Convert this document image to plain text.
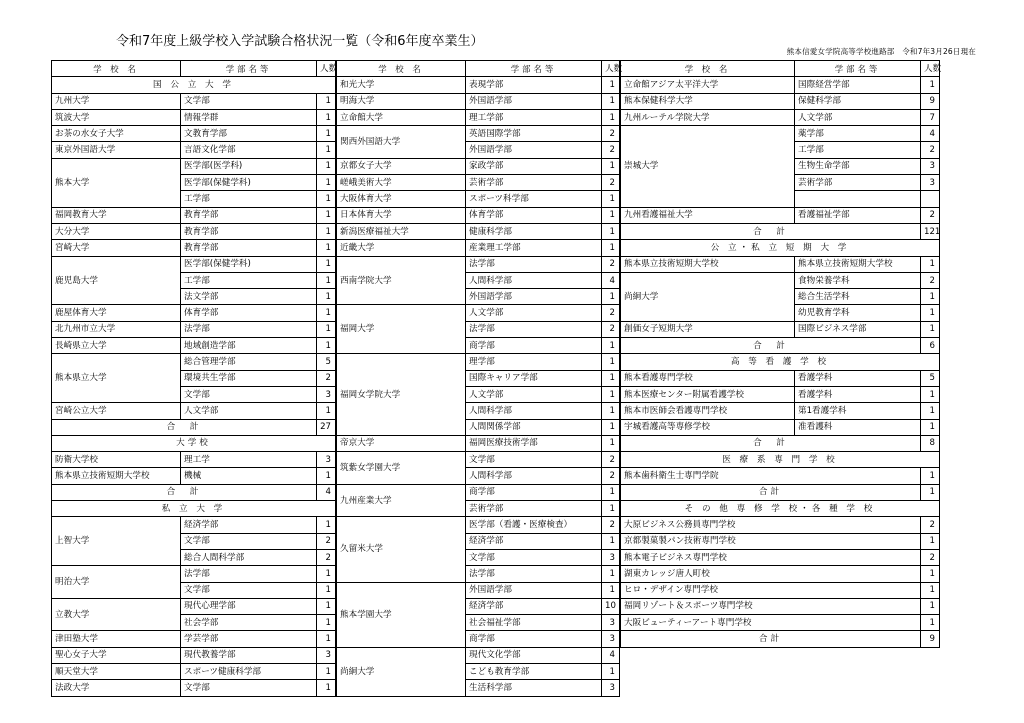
令和7年度上級学校入学試験合格状況一覧（令和6年度卒業生）
熊本信愛女学院高等学校進路部　令和7年3月26日現在
学 校 名	学部名等	人数
国 公 立 大 学		
九州大学	文学部	1
筑波大学	情報学群	1
お茶の水女子大学	文教育学部	1
東京外国語大学	言語文化学部	1
熊本大学	医学部(医学科)	1
	医学部(保健学科)	1
	工学部	1
福岡教育大学	教育学部	1
大分大学	教育学部	1
宮崎大学	教育学部	1
鹿児島大学	医学部(保健学科)	1
	工学部	1
	法文学部	1
鹿屋体育大学	体育学部	1
北九州市立大学	法学部	1
長崎県立大学	地域創造学部	1
熊本県立大学	総合管理学部	5
	環境共生学部	2
	文学部	3
宮崎公立大学	人文学部	1
合　計		27
大学校		
防衛大学校	理工学	3
熊本県立技術短期大学校	機械	1
合　計		4
私 立 大 学		
上智大学	経済学部	1
	文学部	2
	総合人間科学部	2
明治大学	法学部	1
	文学部	1
立教大学	現代心理学部	1
	社会学部	1
津田塾大学	学芸学部	1
聖心女子大学	現代教養学部	3
順天堂大学	スポーツ健康科学部	1
法政大学	文学部	1
学 校 名	学部名等	人数
和光大学	表現学部	1
明海大学	外国語学部	1
立命館大学	理工学部	1
関西外国語大学	英語国際学部	2
	外国語学部	2
京都女子大学	家政学部	1
嵯峨美術大学	芸術学部	2
大阪体育大学	スポーツ科学部	1
日本体育大学	体育学部	1
新潟医療福祉大学	健康科学部	1
近畿大学	産業理工学部	1
西南学院大学	法学部	2
	人間科学部	4
	外国語学部	1
福岡大学	人文学部	2
	法学部	2
	商学部	1
福岡女学院大学	理学部	1
	国際キャリア学部	1
	人文学部	1
	人間科学部	1
	人間関係学部	1
帝京大学	福岡医療技術学部	1
筑紫女学園大学	文学部	2
	人間科学部	2
九州産業大学	商学部	1
	芸術学部	1
久留米大学	医学部（看護・医療検査）	2
	経済学部	1
	文学部	3
	法学部	1
熊本学園大学	外国語学部	1
	経済学部	10
	社会福祉学部	3
	商学部	3
尚絅大学	現代文化学部	4
	こども教育学部	1
	生活科学部	3
学 校 名	学部名等	人数
立命館アジア太平洋大学	国際経営学部	1
熊本保健科学大学	保健科学部	9
九州ルーテル学院大学	人文学部	7
崇城大学	薬学部	4
	工学部	2
	生物生命学部	3
	芸術学部	3

九州看護福祉大学	看護福祉学部	2
合　計		121
公 立・私 立 短 期 大 学		
熊本県立技術短期大学校	熊本県立技術短期大学校	1
尚絅大学	食物栄養学科	2
	総合生活学科	1
	幼児教育学科	1
創価女子短期大学	国際ビジネス学部	1
合　計		6
高 等 看 護 学 校		
熊本看護専門学校	看護学科	5
熊本医療センター附属看護学校	看護学科	1
熊本市医師会看護専門学校	第1看護学科	1
宇城看護高等専修学校	准看護科	1
合　計		8
医 療 系 専 門 学 校		
熊本歯科衛生士専門学院		1
合計		1
そ の 他 専 修 学 校・各 種 学 校		
大原ビジネス公務員専門学校		2
京都製菓製パン技術専門学校		1
熊本電子ビジネス専門学校		2
湖東カレッジ唐人町校		1
ヒロ・デザイン専門学校		1
福岡リゾート＆スポーツ専門学校		1
大阪ビューティーアート専門学校		1
合計		9
